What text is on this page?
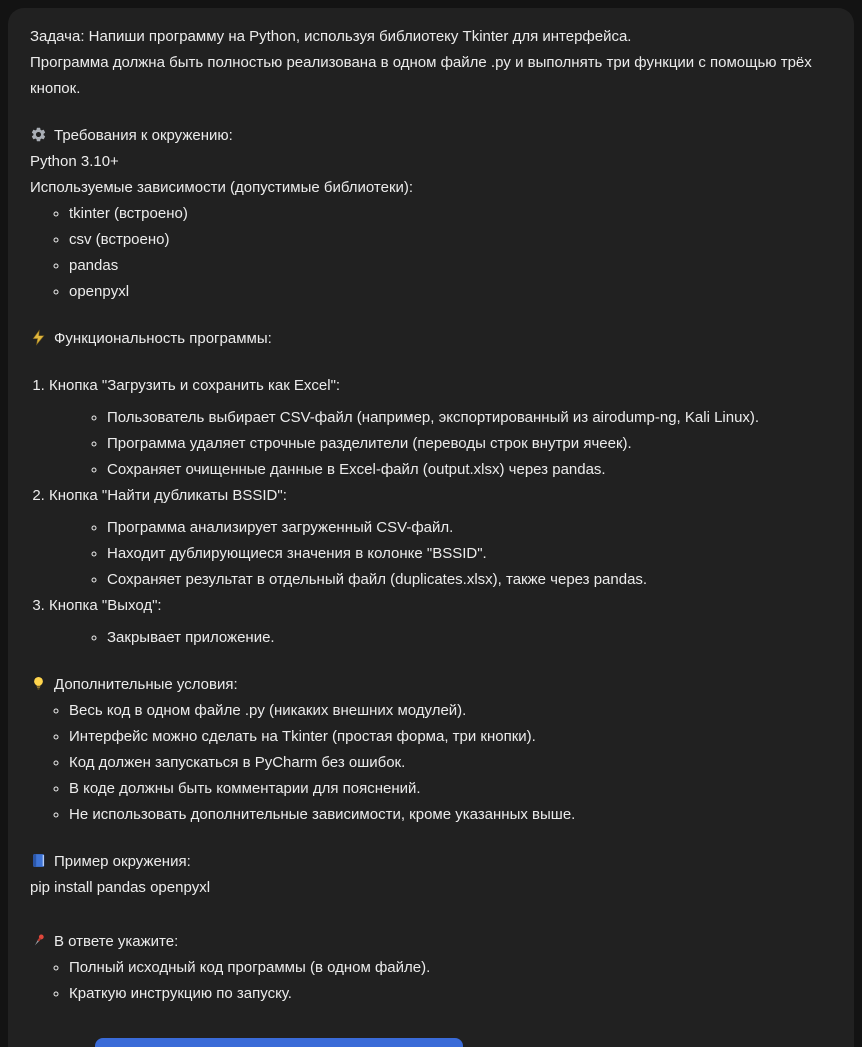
Задача: Напиши программу на Python, используя библиотеку Tkinter для интерфейса.
Программа должна быть полностью реализована в одном файле .py и выполнять три функции с помощью трёх кнопок.
Требования к окружению:
Python 3.10+
Используемые зависимости (допустимые библиотеки):
◦ tkinter (встроено)
◦ csv (встроено)
◦ pandas
◦ openpyxl
Функциональность программы:
1. Кнопка "Загрузить и сохранить как Excel":
◦ Пользователь выбирает CSV-файл (например, экспортированный из airodump-ng, Kali Linux).
◦ Программа удаляет строчные разделители (переводы строк внутри ячеек).
◦ Сохраняет очищенные данные в Excel-файл (output.xlsx) через pandas.
2. Кнопка "Найти дубликаты BSSID":
◦ Программа анализирует загруженный CSV-файл.
◦ Находит дублирующиеся значения в колонке "BSSID".
◦ Сохраняет результат в отдельный файл (duplicates.xlsx), также через pandas.
3. Кнопка "Выход":
◦ Закрывает приложение.
Дополнительные условия:
◦ Весь код в одном файле .py (никаких внешних модулей).
◦ Интерфейс можно сделать на Tkinter (простая форма, три кнопки).
◦ Код должен запускаться в PyCharm без ошибок.
◦ В коде должны быть комментарии для пояснений.
◦ Не использовать дополнительные зависимости, кроме указанных выше.
Пример окружения:
pip install pandas openpyxl
В ответе укажите:
◦ Полный исходный код программы (в одном файле).
◦ Краткую инструкцию по запуску.
